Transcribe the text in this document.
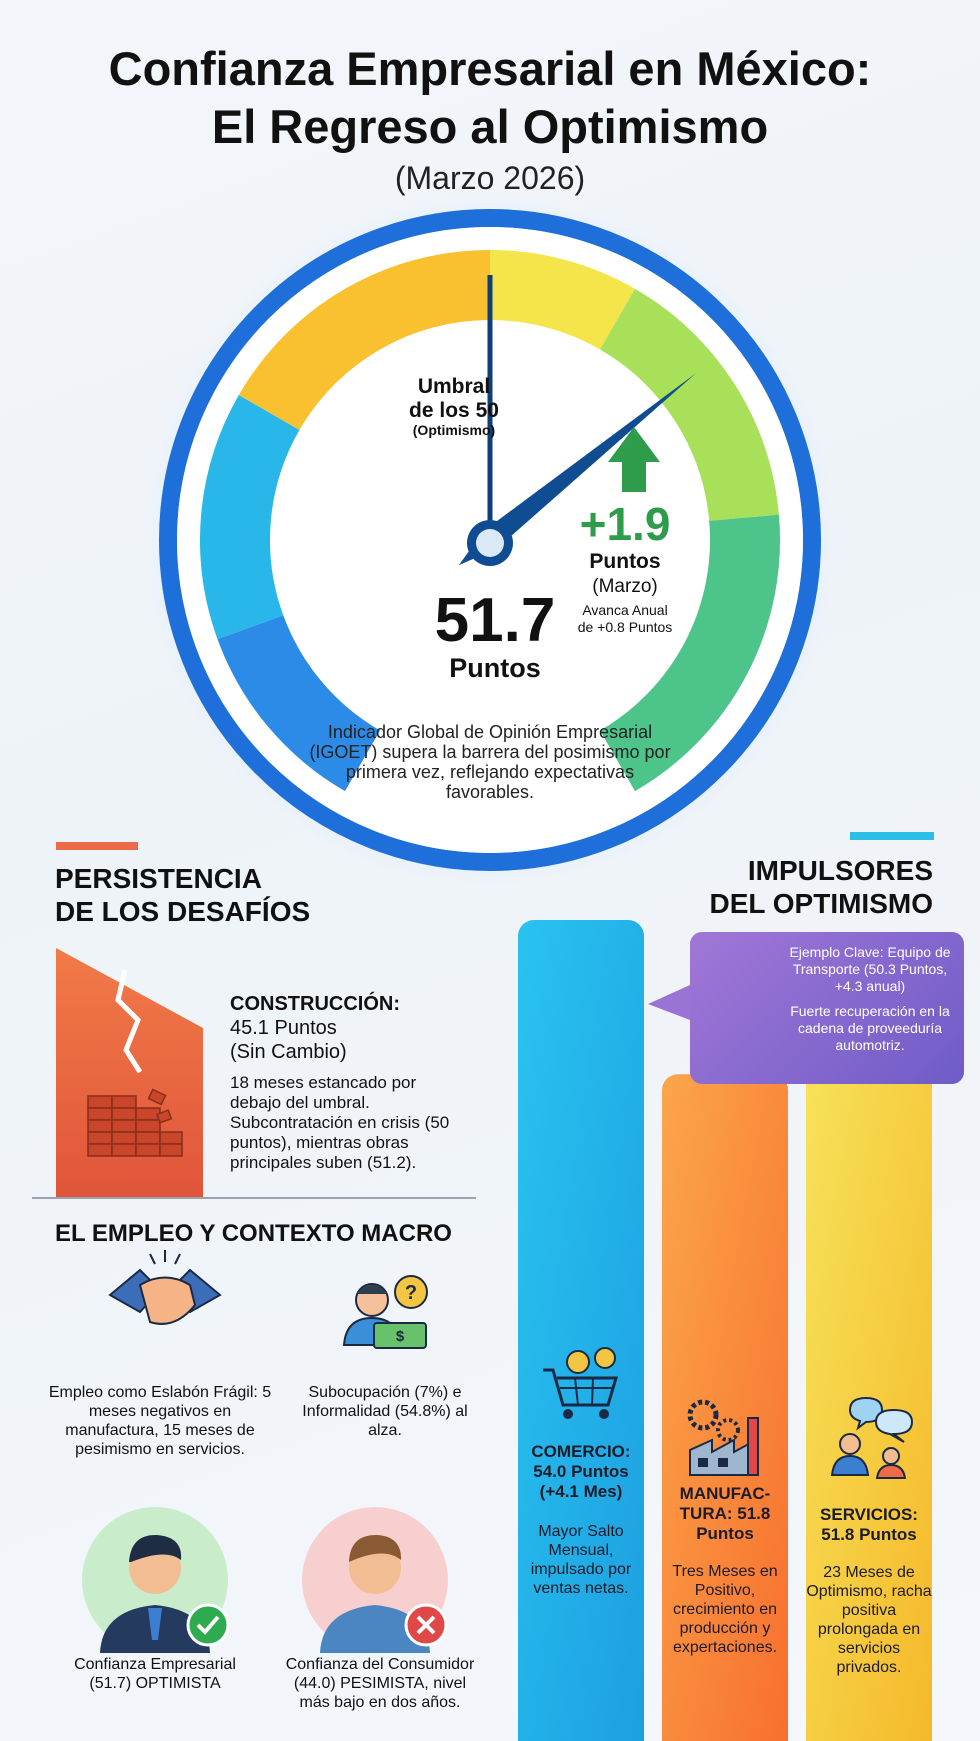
?
$
Confianza Empresarial en México:
El Regreso al Optimismo
(Marzo 2026)
Umbral
de los 50
(Optimismo)
51.7
Puntos
+1.9
Puntos
(Marzo)
Avanca Anual
de +0.8 Puntos
Indicador Global de Opinión Empresarial (IGOET) supera la barrera del posimismo por primera vez, reflejando expectativas favorables.
PERSISTENCIA
DE LOS DESAFÍOS
CONSTRUCCIÓN:
45.1 Puntos
(Sin Cambio)
18 meses estancado por debajo del umbral. Subcontratación en crisis (50 puntos), mientras obras principales suben (51.2).
EL EMPLEO Y CONTEXTO MACRO
Empleo como Eslabón Frágil: 5 meses negativos en manufactura, 15 meses de pesimismo en servicios.
Subocupación (7%) e Informalidad (54.8%) al alza.
Confianza Empresarial (51.7) OPTIMISTA
Confianza del Consumidor (44.0) PESIMISTA, nivel más bajo en dos años.
IMPULSORES
DEL OPTIMISMO
Ejemplo Clave: Equipo de Transporte (50.3 Puntos, +4.3 anual)
Fuerte recuperación en la cadena de proveeduría automotriz.
COMERCIO: 54.0 Puntos (+4.1 Mes)
Mayor Salto Mensual, impulsado por ventas netas.
MANUFAC-TURA: 51.8 Puntos
Tres Meses en Positivo, crecimiento en producción y expertaciones.
SERVICIOS: 51.8 Puntos
23 Meses de Optimismo, racha positiva prolongada en servicios privados.
